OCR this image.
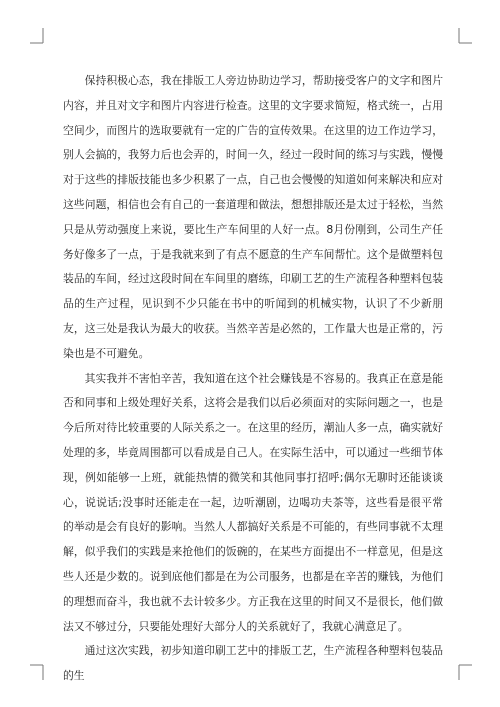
保持积极心态，我在排版工人旁边协助边学习，帮助接受客户的文字和图片内容，并且对文字和图片内容进行检查。这里的文字要求简短，格式统一，占用空间少，而图片的选取要就有一定的广告的宣传效果。在这里的边工作边学习，别人会搞的，我努力后也会弄的，时间一久，经过一段时间的练习与实践，慢慢对于这些的排版技能也多少积累了一点，自己也会慢慢的知道如何来解决和应对这些问题，相信也会有自己的一套道理和做法，想想排版还是太过于轻松，当然只是从劳动强度上来说，要比生产车间里的人好一点。8月份刚到，公司生产任务好像多了一点，于是我就来到了有点不愿意的生产车间帮忙。这个是做塑料包装品的车间，经过这段时间在车间里的磨练，印刷工艺的生产流程各种塑料包装品的生产过程，见识到不少只能在书中的听闻到的机械实物，认识了不少新朋友，这三处是我认为最大的收获。当然辛苦是必然的，工作量大也是正常的，污染也是不可避免。

其实我并不害怕辛苦，我知道在这个社会赚钱是不容易的。我真正在意是能否和同事和上级处理好关系，这将会是我们以后必须面对的实际问题之一，也是今后所对待比较重要的人际关系之一。在这里的经历，潮汕人多一点，确实就好处理的多，毕竟周围都可以看成是自己人。在实际生活中，可以通过一些细节体现，例如能够一上班，就能热情的微笑和其他同事打招呼;偶尔无聊时还能谈谈心，说说话;没事时还能走在一起，边听潮剧，边喝功夫茶等，这些看是很平常的举动是会有良好的影响。当然人人都搞好关系是不可能的，有些同事就不太理解，似乎我们的实践是来抢他们的饭碗的，在某些方面提出不一样意见，但是这些人还是少数的。说到底他们都是在为公司服务，也都是在辛苦的赚钱，为他们的理想而奋斗，我也就不去计较多少。方正我在这里的时间又不是很长，他们做法又不够过分，只要能处理好大部分人的关系就好了，我就心满意足了。

通过这次实践，初步知道印刷工艺中的排版工艺，生产流程各种塑料包装品的生
